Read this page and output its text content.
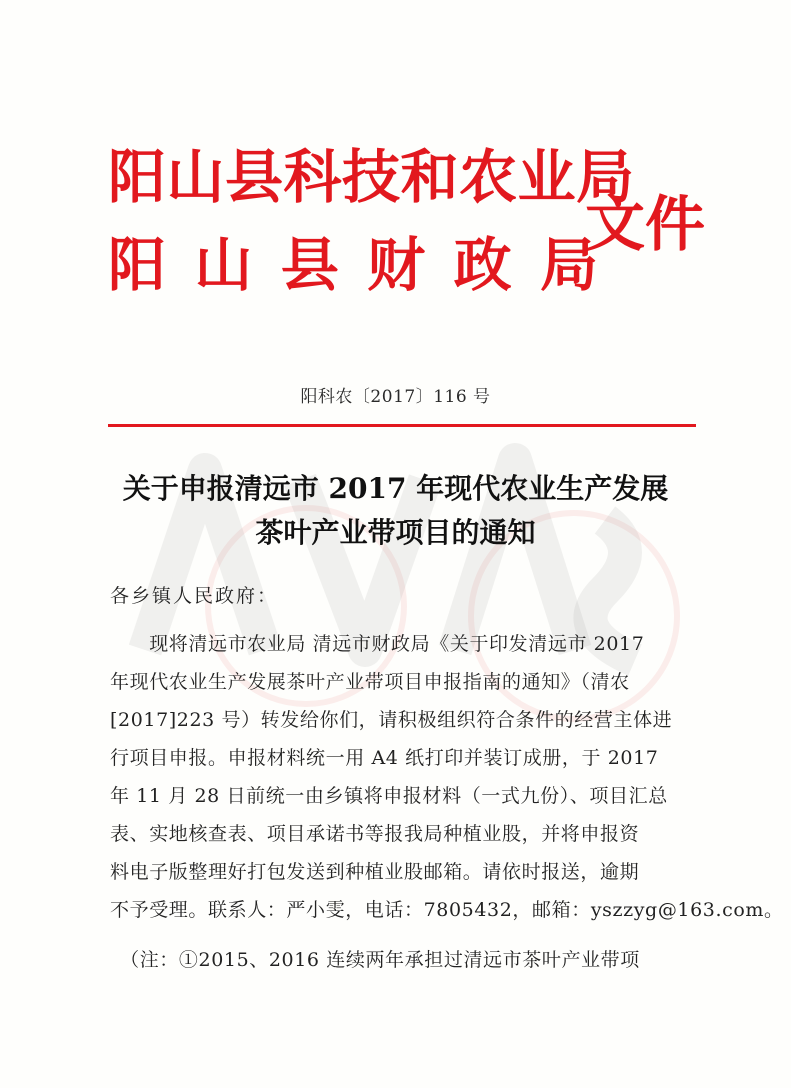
阳山县科技和农业局
阳 山 县 财 政 局
文件
阳科农〔2017〕116 号
关于申报清远市 2017 年现代农业生产发展
茶叶产业带项目的通知
各乡镇人民政府：
　　现将清远市农业局 清远市财政局《关于印发清远市 2017
年现代农业生产发展茶叶产业带项目申报指南的通知》（清农
[2017]223 号）转发给你们，请积极组织符合条件的经营主体进
行项目申报。申报材料统一用 A4 纸打印并装订成册，于 2017
年 11 月 28 日前统一由乡镇将申报材料（一式九份）、项目汇总
表、实地核查表、项目承诺书等报我局种植业股，并将申报资
料电子版整理好打包发送到种植业股邮箱。请依时报送，逾期
不予受理。联系人：严小雯，电话：7805432，邮箱：yszzyg@163.com。
　（注：①2015、2016 连续两年承担过清远市茶叶产业带项
